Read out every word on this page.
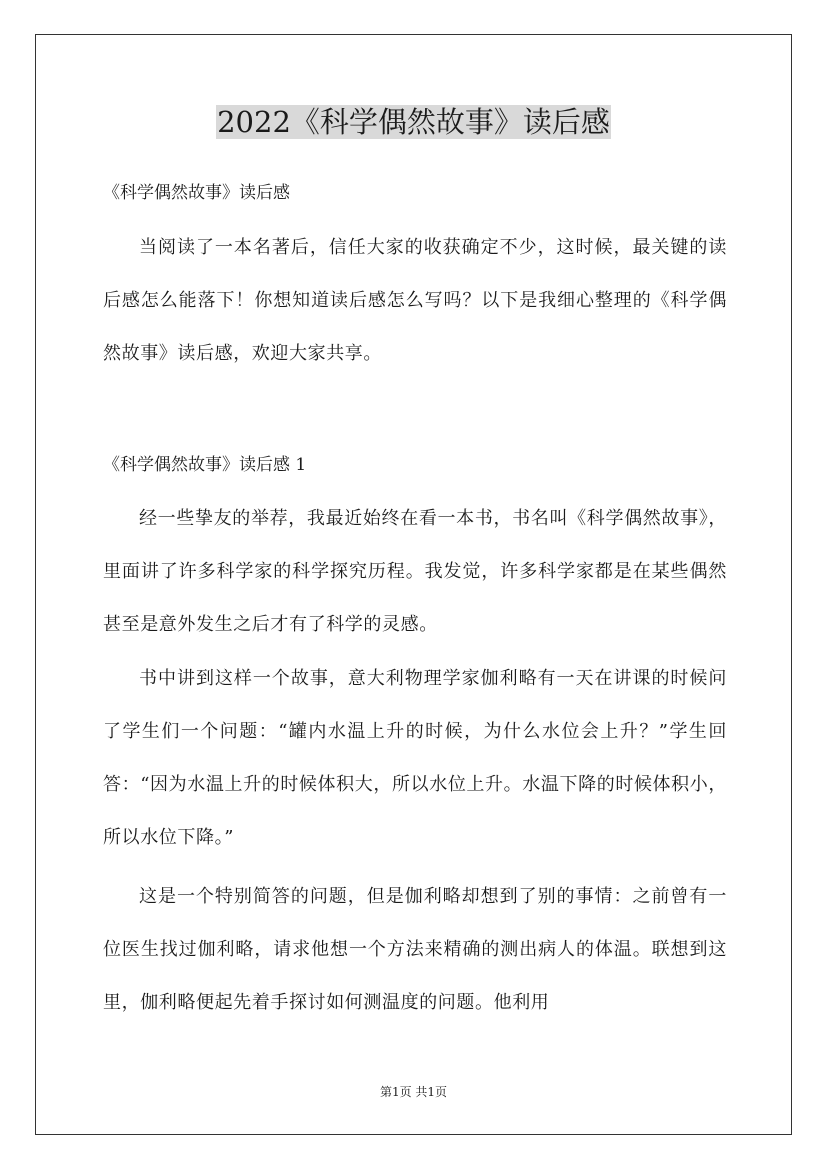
2022《科学偶然故事》读后感

《科学偶然故事》读后感

当阅读了一本名著后，信任大家的收获确定不少，这时候，最关键的读后感怎么能落下！你想知道读后感怎么写吗？以下是我细心整理的《科学偶然故事》读后感，欢迎大家共享。

《科学偶然故事》读后感 1

经一些挚友的举荐，我最近始终在看一本书，书名叫《科学偶然故事》，里面讲了许多科学家的科学探究历程。我发觉，许多科学家都是在某些偶然甚至是意外发生之后才有了科学的灵感。

书中讲到这样一个故事，意大利物理学家伽利略有一天在讲课的时候问了学生们一个问题：“罐内水温上升的时候，为什么水位会上升？”学生回答：“因为水温上升的时候体积大，所以水位上升。水温下降的时候体积小，所以水位下降。”

这是一个特别简答的问题，但是伽利略却想到了别的事情：之前曾有一位医生找过伽利略，请求他想一个方法来精确的测出病人的体温。联想到这里，伽利略便起先着手探讨如何测温度的问题。他利用

第1页 共1页
